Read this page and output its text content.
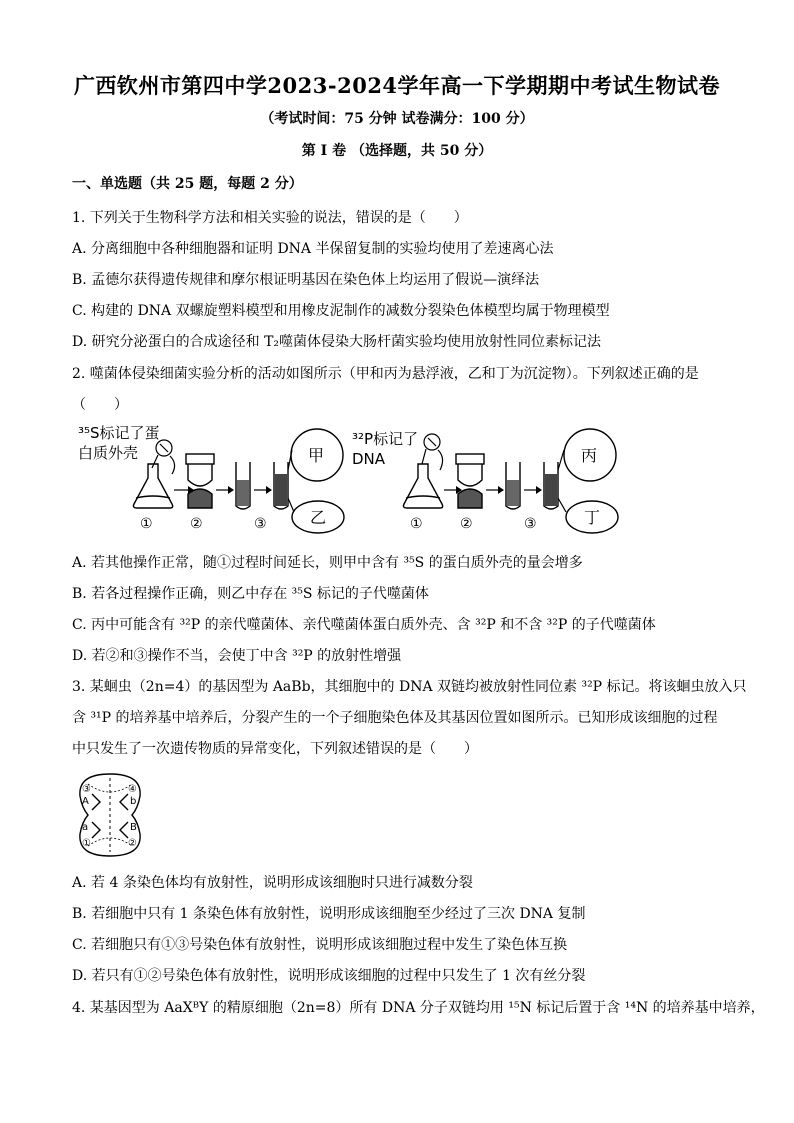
广西钦州市第四中学2023-2024学年高一下学期期中考试生物试卷
（考试时间：75 分钟 试卷满分：100 分）
第 I 卷 （选择题，共 50 分）
一、单选题（共 25 题，每题 2 分）
1. 下列关于生物科学方法和相关实验的说法，错误的是（　　）
A. 分离细胞中各种细胞器和证明 DNA 半保留复制的实验均使用了差速离心法
B. 孟德尔获得遗传规律和摩尔根证明基因在染色体上均运用了假说—演绎法
C. 构建的 DNA 双螺旋塑料模型和用橡皮泥制作的减数分裂染色体模型均属于物理模型
D. 研究分泌蛋白的合成途径和 T₂噬菌体侵染大肠杆菌实验均使用放射性同位素标记法
2. 噬菌体侵染细菌实验分析的活动如图所示（甲和丙为悬浮液，乙和丁为沉淀物）。下列叙述正确的是
（　　）
³⁵S标记了蛋
白质外壳
①	②	③
甲
乙
³²P标记了
DNA
①	②	③
丙
丁
A. 若其他操作正常，随①过程时间延长，则甲中含有 ³⁵S 的蛋白质外壳的量会增多
B. 若各过程操作正确，则乙中存在 ³⁵S 标记的子代噬菌体
C. 丙中可能含有 ³²P 的亲代噬菌体、亲代噬菌体蛋白质外壳、含 ³²P 和不含 ³²P 的子代噬菌体
D. 若②和③操作不当，会使丁中含 ³²P 的放射性增强
3. 某蛔虫（2n=4）的基因型为 AaBb，其细胞中的 DNA 双链均被放射性同位素 ³²P 标记。将该蛔虫放入只
含 ³¹P 的培养基中培养后，分裂产生的一个子细胞染色体及其基因位置如图所示。已知形成该细胞的过程
中只发生了一次遗传物质的异常变化，下列叙述错误的是（　　）
A	b
a	B
③	④
①	②
A. 若 4 条染色体均有放射性，说明形成该细胞时只进行减数分裂
B. 若细胞中只有 1 条染色体有放射性，说明形成该细胞至少经过了三次 DNA 复制
C. 若细胞只有①③号染色体有放射性，说明形成该细胞过程中发生了染色体互换
D. 若只有①②号染色体有放射性，说明形成该细胞的过程中只发生了 1 次有丝分裂
4. 某基因型为 AaXᴮY 的精原细胞（2n=8）所有 DNA 分子双链均用 ¹⁵N 标记后置于含 ¹⁴N 的培养基中培养，
